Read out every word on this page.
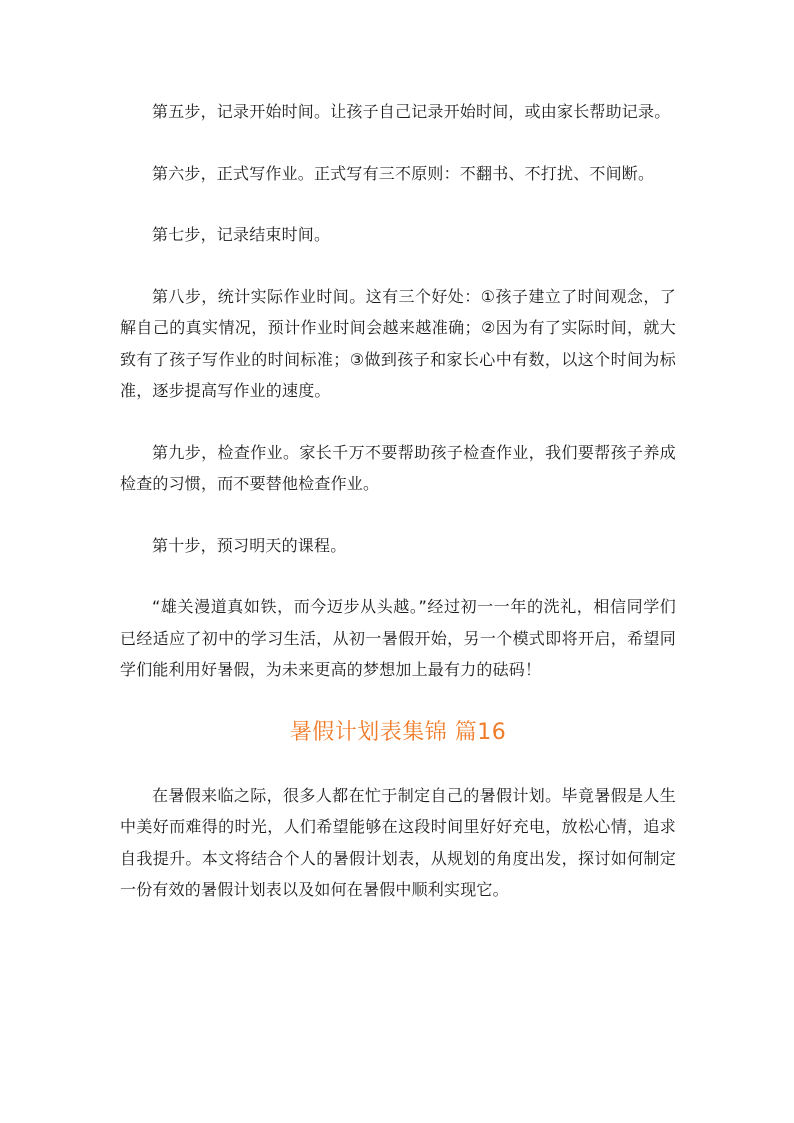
第五步，记录开始时间。让孩子自己记录开始时间，或由家长帮助记录。

第六步，正式写作业。正式写有三不原则：不翻书、不打扰、不间断。

第七步，记录结束时间。

第八步，统计实际作业时间。这有三个好处：①孩子建立了时间观念，了解自己的真实情况，预计作业时间会越来越准确；②因为有了实际时间，就大致有了孩子写作业的时间标准；③做到孩子和家长心中有数，以这个时间为标准，逐步提高写作业的速度。

第九步，检查作业。家长千万不要帮助孩子检查作业，我们要帮孩子养成检查的习惯，而不要替他检查作业。

第十步，预习明天的课程。

“雄关漫道真如铁，而今迈步从头越。”经过初一一年的洗礼，相信同学们已经适应了初中的学习生活，从初一暑假开始，另一个模式即将开启，希望同学们能利用好暑假，为未来更高的梦想加上最有力的砝码！

暑假计划表集锦 篇16

在暑假来临之际，很多人都在忙于制定自己的暑假计划。毕竟暑假是人生中美好而难得的时光，人们希望能够在这段时间里好好充电，放松心情，追求自我提升。本文将结合个人的暑假计划表，从规划的角度出发，探讨如何制定一份有效的暑假计划表以及如何在暑假中顺利实现它。
